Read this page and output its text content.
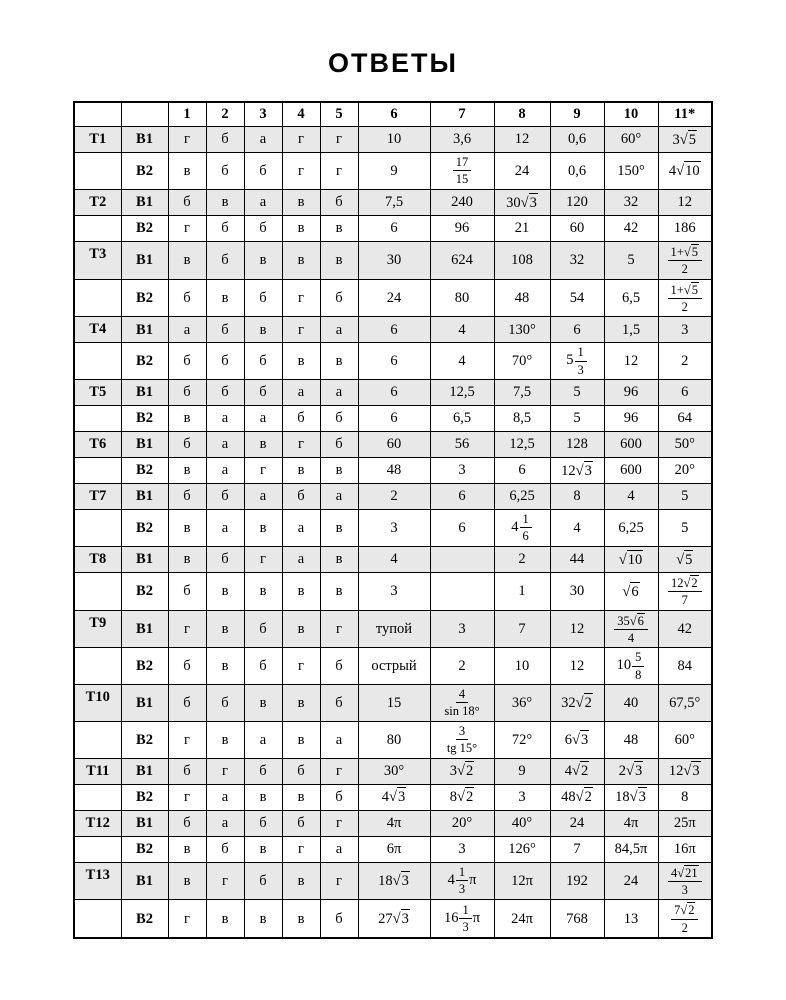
ОТВЕТЫ
		1	2	3	4	5	6	7	8	9	10	11*
Т1	В1	г	б	а	г	г	10	3,6	12	0,6	60°	3√5
	В2	в	б	б	г	г	9	$\frac{17}{15}$	24	0,6	150°	4√10
Т2	В1	б	в	а	в	б	7,5	240	30√3	120	32	12
	В2	г	б	б	в	в	6	96	21	60	42	186
Т3	В1	в	б	в	в	в	30	624	108	32	5	$\frac{1+√5}{2}$

	В2	б	в	б	г	б	24	80	48	54	6,5	$\frac{1+√5}{2}$

Т4	В1	а	б	в	г	а	6	4	130°	6	1,5	3
	В2	б	б	б	в	в	6	4	70°	$5 \frac{1}{3}$	12	2
Т5	В1	б	б	б	а	а	6	12,5	7,5	5	96	6
	В2	в	а	а	б	б	6	6,5	8,5	5	96	64
Т6	В1	б	а	в	г	б	60	56	12,5	128	600	50°
	В2	в	а	г	в	в	48	3	6	12√3	600	20°
Т7	В1	б	б	а	б	а	2	6	6,25	8	4	5
	В2	в	а	в	а	в	3	6	$4 \frac{1}{6}$	4	6,25	5
Т8	В1	в	б	г	а	в	4		2	44	√10	√5
	В2	б	в	в	в	в	3		1	30	√6	$\frac{12√2}{7}$

Т9	В1	г	в	б	в	г	тупой	3	7	12	$\frac{35√6}{4}$	42
	В2	б	в	б	г	б	острый	2	10	12	$10 \frac{5}{8}$	84
Т10	В1	б	б	в	в	б	15	$\frac{4}{\sin 18^\circ}$	36°	32√2	40	67,5°
	В2	г	в	а	в	а	80	$\frac{3}{tg 15^\circ}$	72°	6√3	48	60°
Т11	В1	б	г	б	б	г	30°	3√2	9	4√2	2√3	12√3
	В2	г	а	в	в	б	4√3	8√2	3	48√2	18√3	8
Т12	В1	б	а	б	б	г	4π	20°	40°	24	4π	25π
	В2	в	б	в	г	а	6π	3	126°	7	84,5π	16π
Т13	В1	в	г	б	в	г	18√3	$4 \frac{1}{3}$ π	12π	192	24	$\frac{4√21}{3}$

	В2	г	в	в	в	б	27√3	$16 \frac{1}{3}$ π	24π	768	13	$\frac{7√2}{2}$
